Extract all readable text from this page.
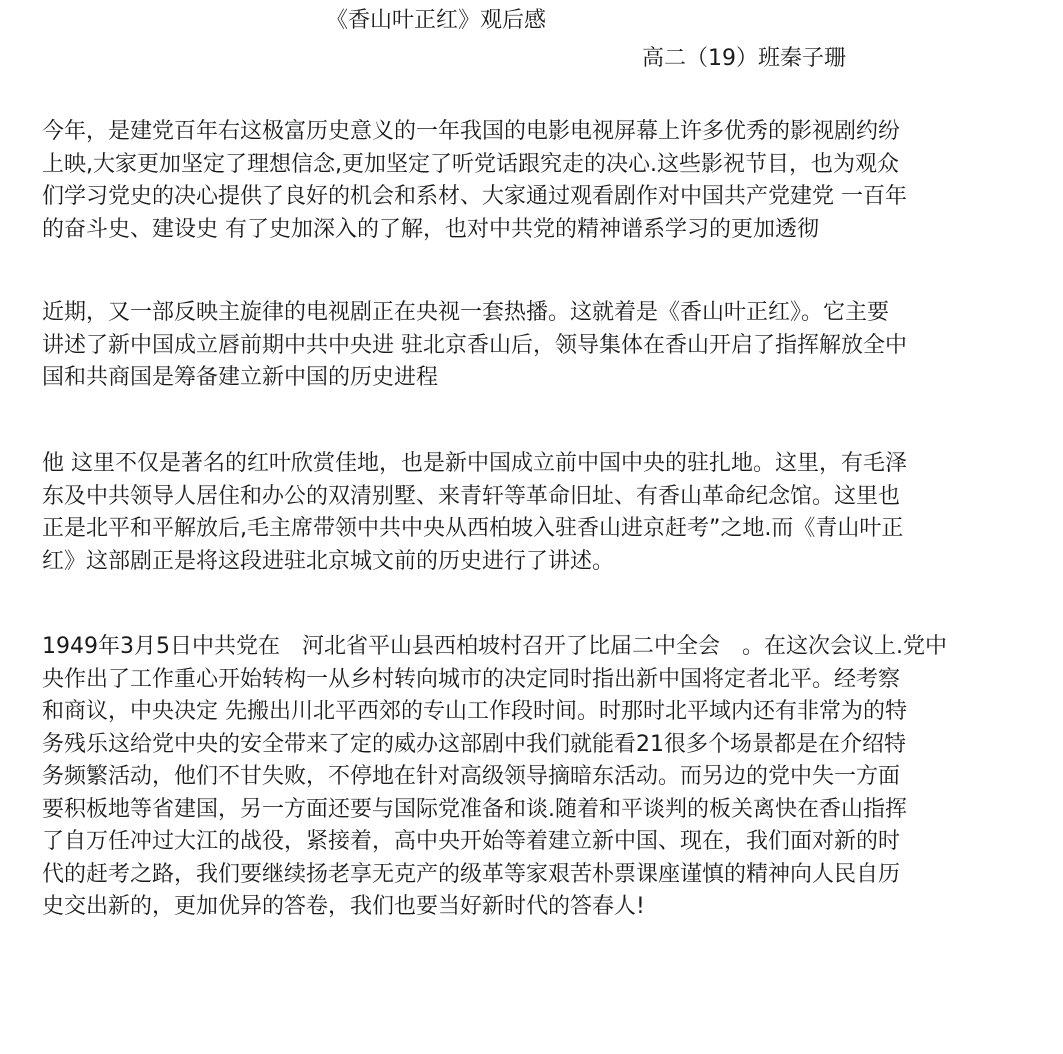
《香山叶正红》观后感
高二（19）班秦子珊

今年，是建党百年右这极富历史意义的一年我国的电影电视屏幕上许多优秀的影视剧约纷
上映,大家更加坚定了理想信念,更加坚定了听党话跟究走的决心.这些影祝节目，也为观众
们学习党史的决心提供了良好的机会和系材、大家通过观看剧作对中国共产党建党 一百年
的奋斗史、建设史 有了史加深入的了解，也对中共党的精神谱系学习的更加透彻

近期，又一部反映主旋律的电视剧正在央视一套热播。这就着是《香山叶正红》。它主要
讲述了新中国成立唇前期中共中央进 驻北京香山后，领导集体在香山开启了指挥解放全中
国和共商国是筹备建立新中国的历史进程

他 这里不仅是著名的红叶欣赏佳地，也是新中国成立前中国中央的驻扎地。这里，有毛泽
东及中共领导人居住和办公的双清别墅、来青轩等革命旧址、有香山革命纪念馆。这里也
正是北平和平解放后,毛主席带领中共中央从西柏坡入驻香山进京赶考”之地.而《青山叶正
红》这部剧正是将这段进驻北京城文前的历史进行了讲述。

1949年3月5日中共党在　河北省平山县西柏坡村召开了比届二中全会　。在这次会议上.党中
央作出了工作重心开始转构一从乡村转向城市的决定同时指出新中国将定者北平。经考察
和商议，中央决定 先搬出川北平西郊的专山工作段时间。时那时北平域内还有非常为的特
务残乐这给党中央的安全带来了定的威办这部剧中我们就能看21很多个场景都是在介绍特
务频繁活动，他们不甘失败，不停地在针对高级领导摘暗东活动。而另边的党中失一方面
要积板地等省建国，另一方面还要与国际党准备和谈.随着和平谈判的板关离快在香山指挥
了自万任冲过大江的战役，紧接着，高中央开始等着建立新中国、现在，我们面对新的时
代的赶考之路，我们要继续扬老享无克产的级革等家艰苦朴票课座谨慎的精神向人民自历
史交出新的，更加优异的答卷，我们也要当好新时代的答春人!
